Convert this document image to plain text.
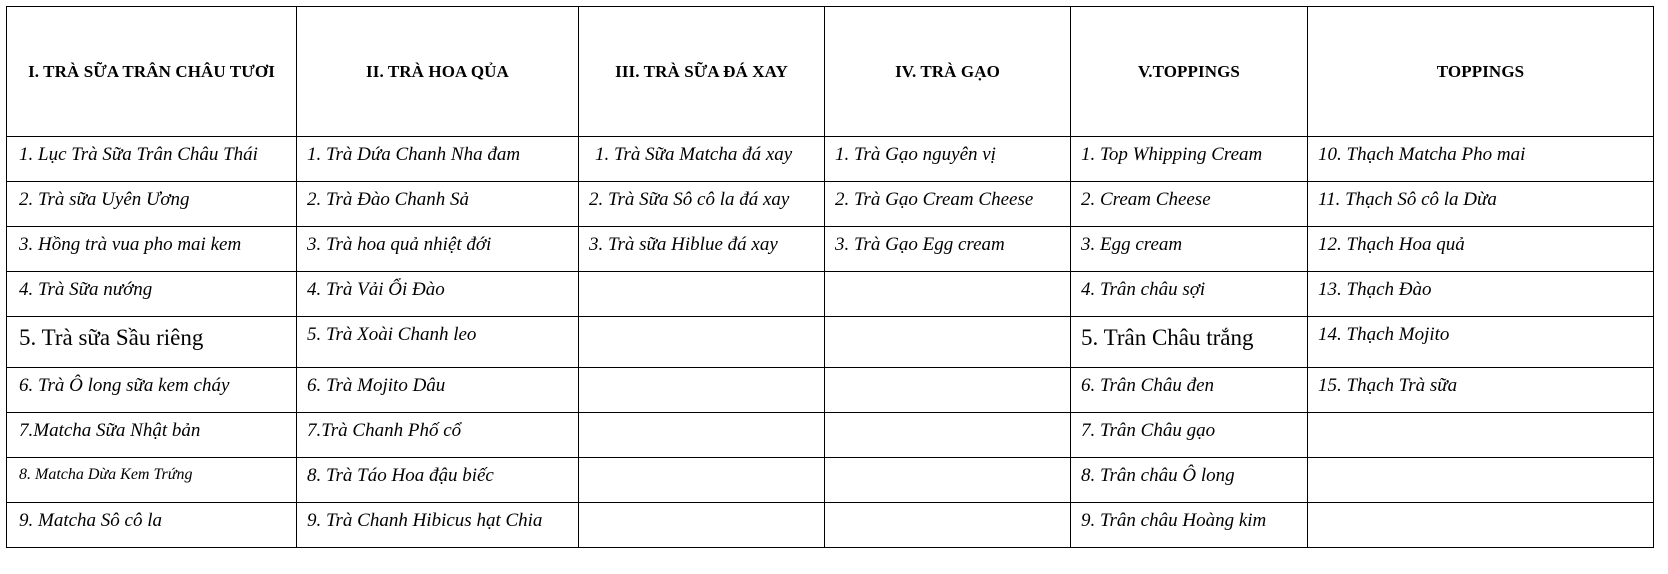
I. TRÀ SỮA TRÂN CHÂU TƯƠI	II. TRÀ HOA QỦA	III. TRÀ SỮA ĐÁ XAY	IV. TRÀ GẠO	V.TOPPINGS	TOPPINGS
1. Lục Trà Sữa Trân Châu Thái	1. Trà Dứa Chanh Nha đam	1. Trà Sữa Matcha đá xay	1. Trà Gạo nguyên vị	1. Top Whipping Cream	10. Thạch Matcha Pho mai
2. Trà sữa Uyên Ương	2. Trà Đào Chanh Sả	2. Trà Sữa Sô cô la đá xay	2. Trà Gạo Cream Cheese	2. Cream Cheese	11. Thạch Sô cô la Dừa
3. Hồng trà vua pho mai kem	3. Trà hoa quả nhiệt đới	3. Trà sữa Hiblue đá xay	3. Trà Gạo Egg cream	3. Egg cream	12. Thạch Hoa quả
4. Trà Sữa nướng	4. Trà Vải Ổi Đào			4. Trân châu sợi	13. Thạch Đào
5. Trà sữa Sầu riêng	5. Trà Xoài Chanh leo			5. Trân Châu trắng	14. Thạch Mojito
6. Trà Ô long sữa kem cháy	6. Trà Mojito Dâu			6. Trân Châu đen	15. Thạch Trà sữa
7.Matcha Sữa Nhật bản	7.Trà Chanh Phố cổ			7. Trân Châu gạo	
8. Matcha Dừa Kem Trứng	8. Trà Táo Hoa đậu biếc			8. Trân châu Ô long	
9. Matcha Sô cô la	9. Trà Chanh Hibicus hạt Chia			9. Trân châu Hoàng kim	
